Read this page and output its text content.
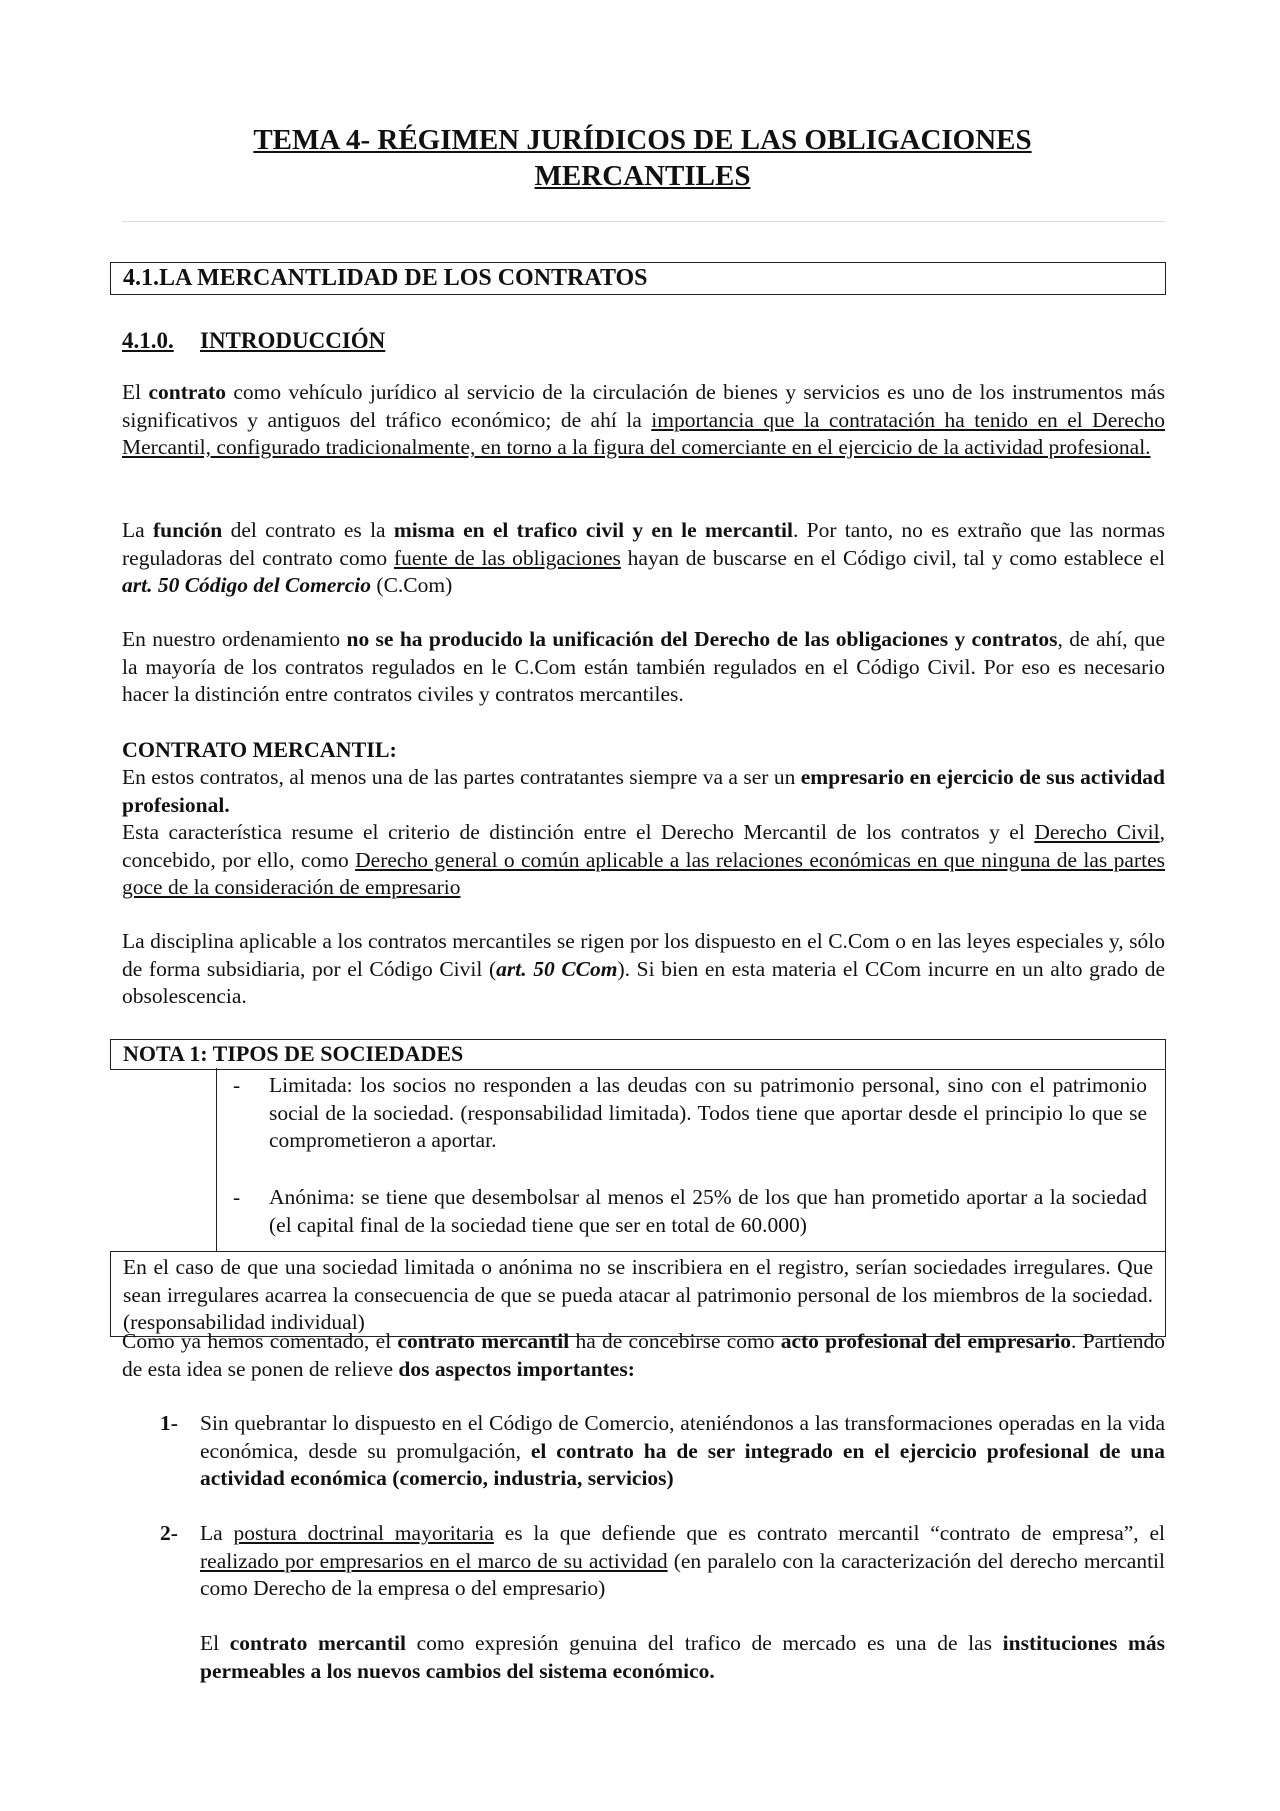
TEMA 4- RÉGIMEN JURÍDICOS DE LAS OBLIGACIONES
MERCANTILES
4.1.LA MERCANTLIDAD DE LOS CONTRATOS
4.1.0. INTRODUCCIÓN
El contrato como vehículo jurídico al servicio de la circulación de bienes y servicios es uno de los instrumentos más significativos y antiguos del tráfico económico; de ahí la importancia que la contratación ha tenido en el Derecho Mercantil, configurado tradicionalmente, en torno a la figura del comerciante en el ejercicio de la actividad profesional.
La función del contrato es la misma en el trafico civil y en le mercantil. Por tanto, no es extraño que las normas reguladoras del contrato como fuente de las obligaciones hayan de buscarse en el Código civil, tal y como establece el art. 50 Código del Comercio (C.Com)
En nuestro ordenamiento no se ha producido la unificación del Derecho de las obligaciones y contratos, de ahí, que la mayoría de los contratos regulados en le C.Com están también regulados en el Código Civil. Por eso es necesario hacer la distinción entre contratos civiles y contratos mercantiles.
CONTRATO MERCANTIL:
En estos contratos, al menos una de las partes contratantes siempre va a ser un empresario en ejercicio de sus actividad profesional.
Esta característica resume el criterio de distinción entre el Derecho Mercantil de los contratos y el Derecho Civil, concebido, por ello, como Derecho general o común aplicable a las relaciones económicas en que ninguna de las partes goce de la consideración de empresario
La disciplina aplicable a los contratos mercantiles se rigen por los dispuesto en el C.Com o en las leyes especiales y, sólo de forma subsidiaria, por el Código Civil (art. 50 CCom). Si bien en esta materia el CCom incurre en un alto grado de obsolescencia.
NOTA 1: TIPOS DE SOCIEDADES
- Limitada: los socios no responden a las deudas con su patrimonio personal, sino con el patrimonio social de la sociedad. (responsabilidad limitada). Todos tiene que aportar desde el principio lo que se comprometieron a aportar.
- Anónima: se tiene que desembolsar al menos el 25% de los que han prometido aportar a la sociedad (el capital final de la sociedad tiene que ser en total de 60.000)
En el caso de que una sociedad limitada o anónima no se inscribiera en el registro, serían sociedades irregulares. Que sean irregulares acarrea la consecuencia de que se pueda atacar al patrimonio personal de los miembros de la sociedad. (responsabilidad individual)
Como ya hemos comentado, el contrato mercantil ha de concebirse como acto profesional del empresario. Partiendo de esta idea se ponen de relieve dos aspectos importantes:
1- Sin quebrantar lo dispuesto en el Código de Comercio, ateniéndonos a las transformaciones operadas en la vida económica, desde su promulgación, el contrato ha de ser integrado en el ejercicio profesional de una actividad económica (comercio, industria, servicios)
2- La postura doctrinal mayoritaria es la que defiende que es contrato mercantil “contrato de empresa”, el realizado por empresarios en el marco de su actividad (en paralelo con la caracterización del derecho mercantil como Derecho de la empresa o del empresario)
El contrato mercantil como expresión genuina del trafico de mercado es una de las instituciones más permeables a los nuevos cambios del sistema económico.
